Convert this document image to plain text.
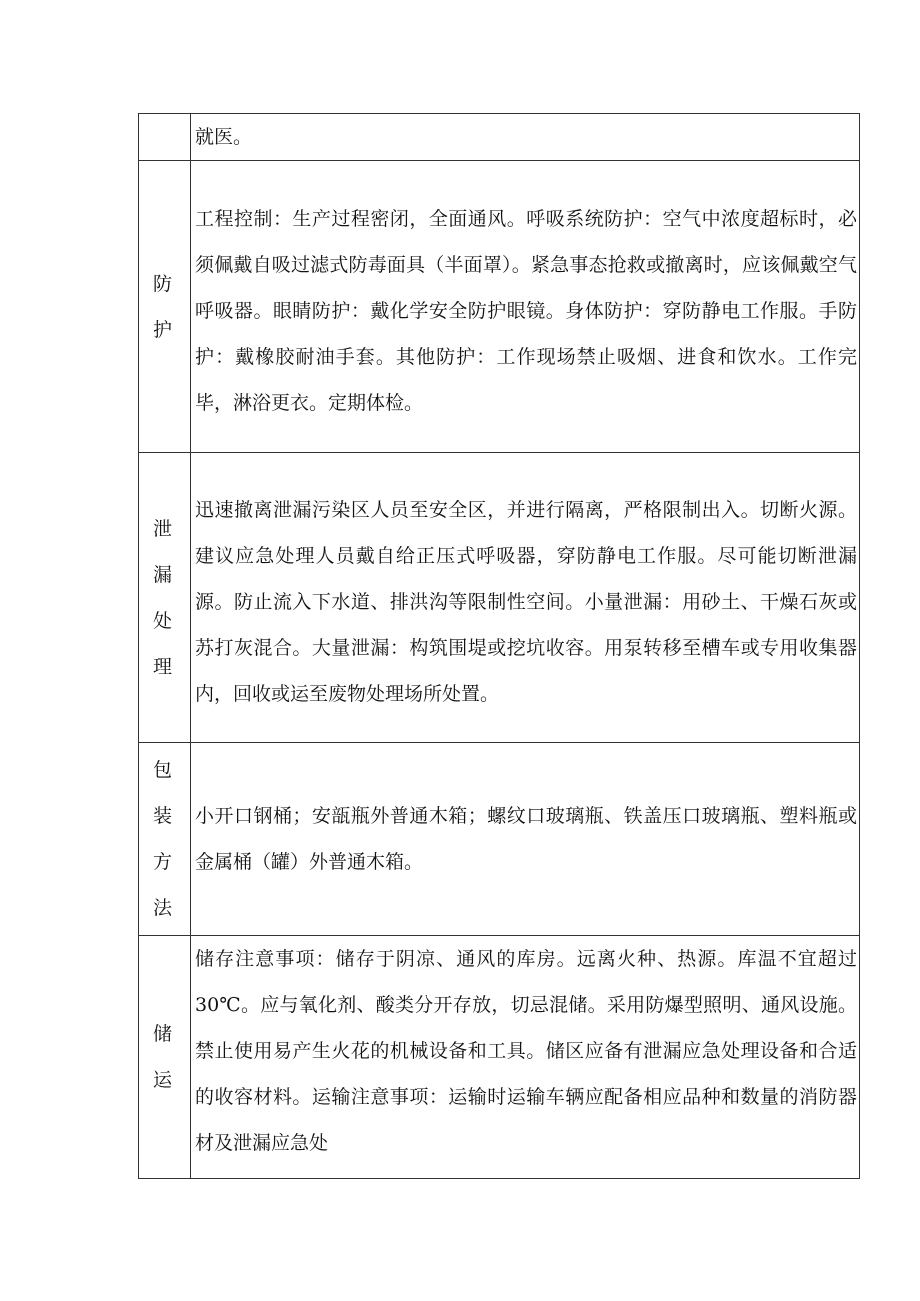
	就医。

防护	工程控制：生产过程密闭，全面通风。呼吸系统防护：空气中浓度超标时，必须佩戴自吸过滤式防毒面具（半面罩）。紧急事态抢救或撤离时，应该佩戴空气呼吸器。眼睛防护：戴化学安全防护眼镜。身体防护：穿防静电工作服。手防护：戴橡胶耐油手套。其他防护：工作现场禁止吸烟、进食和饮水。工作完毕，淋浴更衣。定期体检。

泄漏处理	迅速撤离泄漏污染区人员至安全区，并进行隔离，严格限制出入。切断火源。建议应急处理人员戴自给正压式呼吸器，穿防静电工作服。尽可能切断泄漏源。防止流入下水道、排洪沟等限制性空间。小量泄漏：用砂土、干燥石灰或苏打灰混合。大量泄漏：构筑围堤或挖坑收容。用泵转移至槽车或专用收集器内，回收或运至废物处理场所处置。

包装方法	小开口钢桶；安瓿瓶外普通木箱；螺纹口玻璃瓶、铁盖压口玻璃瓶、塑料瓶或金属桶（罐）外普通木箱。

储运	储存注意事项：储存于阴凉、通风的库房。远离火种、热源。库温不宜超过30℃。应与氧化剂、酸类分开存放，切忌混储。采用防爆型照明、通风设施。禁止使用易产生火花的机械设备和工具。储区应备有泄漏应急处理设备和合适的收容材料。运输注意事项：运输时运输车辆应配备相应品种和数量的消防器材及泄漏应急处
